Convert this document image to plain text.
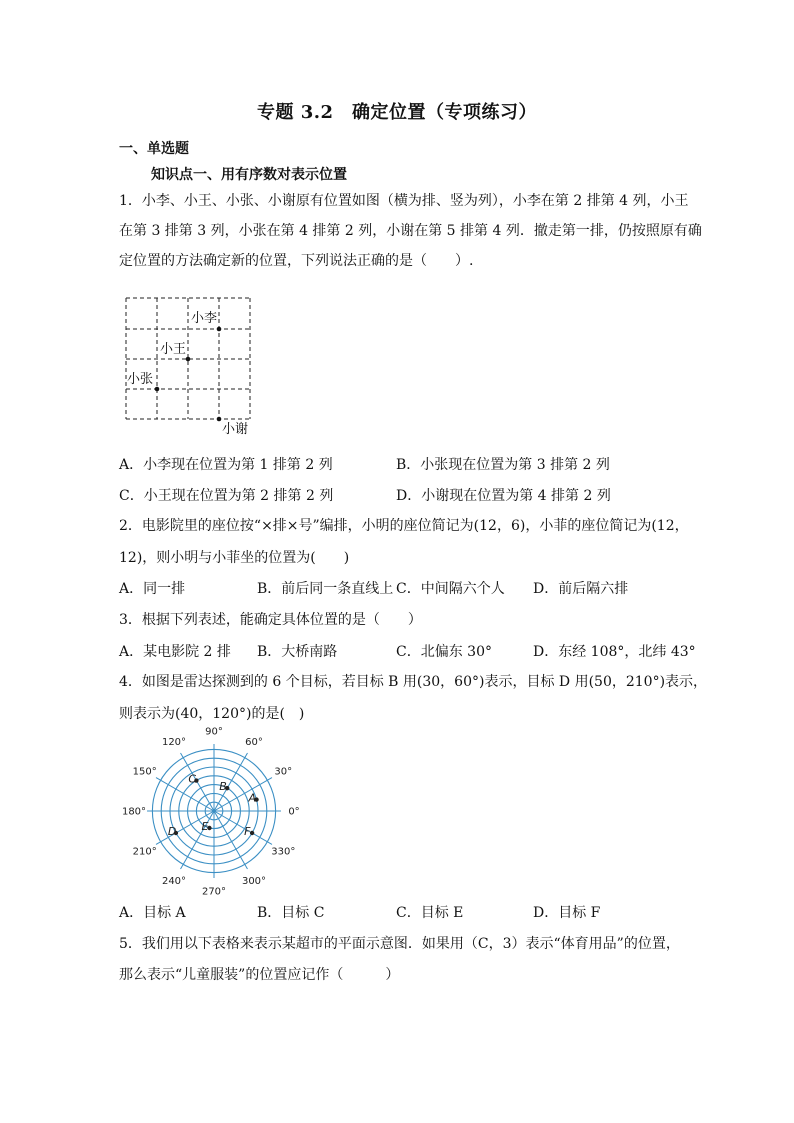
专题 3.2　确定位置（专项练习）
一、单选题
知识点一、用有序数对表示位置
1．小李、小王、小张、小谢原有位置如图（横为排、竖为列），小李在第 2 排第 4 列，小王
在第 3 排第 3 列，小张在第 4 排第 2 列，小谢在第 5 排第 4 列．撤走第一排，仍按照原有确
定位置的方法确定新的位置，下列说法正确的是（　　）.
小李
小王
小张
小谢
A．小李现在位置为第 1 排第 2 列	B．小张现在位置为第 3 排第 2 列
C．小王现在位置为第 2 排第 2 列	D．小谢现在位置为第 4 排第 2 列
2．电影院里的座位按“×排×号”编排，小明的座位简记为(12，6)，小菲的座位简记为(12，
12)，则小明与小菲坐的位置为(　　)
A．同一排	B．前后同一条直线上 C．中间隔六个人 D．前后隔六排
3．根据下列表述，能确定具体位置的是（　　）
A．某电影院 2 排 B．大桥南路	C．北偏东 30°	D．东经 108°，北纬 43°
4．如图是雷达探测到的 6 个目标，若目标 B 用(30，60°)表示，目标 D 用(50，210°)表示，
则表示为(40，120°)的是(　)
90°
60°
30°
0°
330°
300°
270°
240°
210°
180°
150°
120°
A
B
C
D E	F
A．目标 A	B．目标 C	C．目标 E	D．目标 F
5．我们用以下表格来表示某超市的平面示意图．如果用（C，3）表示“体育用品”的位置，
那么表示“儿童服装”的位置应记作（　　　）
